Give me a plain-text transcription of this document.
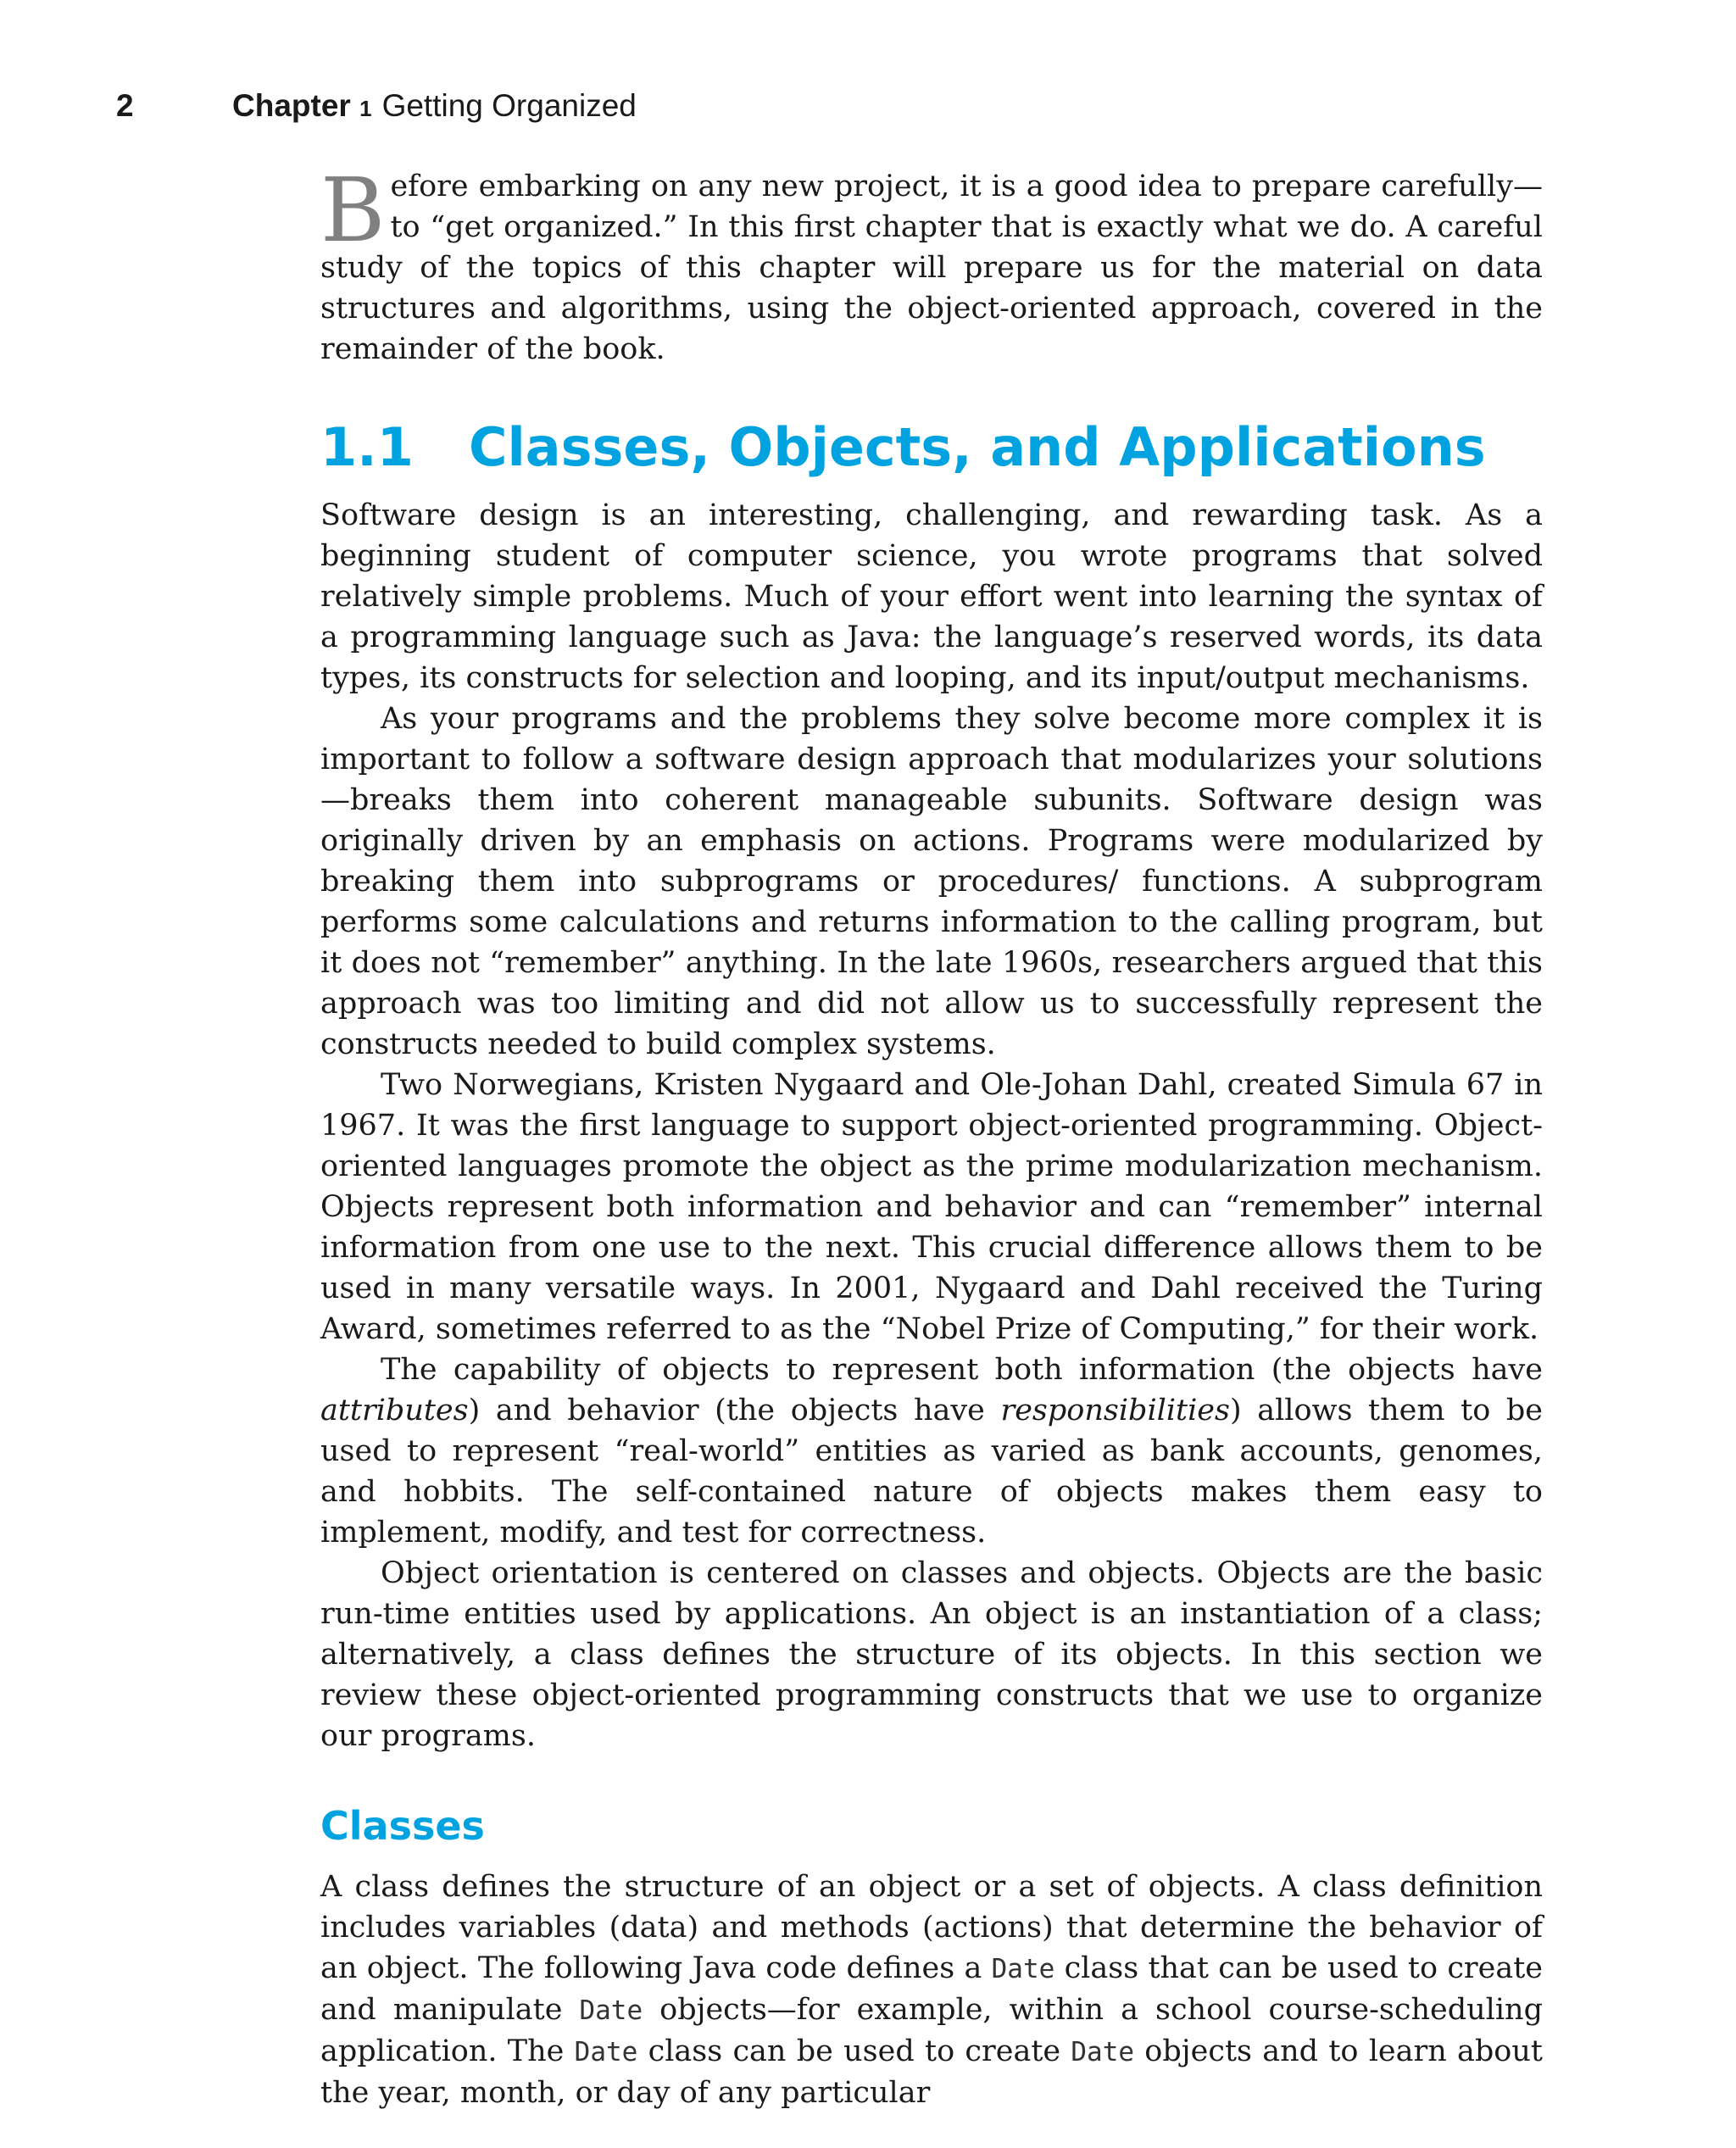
2	Chapter 1 Getting Organized

Before embarking on any new project, it is a good idea to prepare carefully—to “get organized.” In this first chapter that is exactly what we do. A careful study of the topics of this chapter will prepare us for the material on data structures and algorithms, using the object-oriented approach, covered in the remainder of the book.

1.1 Classes, Objects, and Applications

Software design is an interesting, challenging, and rewarding task. As a beginning student of computer science, you wrote programs that solved relatively simple problems. Much of your effort went into learning the syntax of a programming language such as Java: the language’s reserved words, its data types, its constructs for selection and looping, and its input/output mechanisms.

As your programs and the problems they solve become more complex it is important to follow a software design approach that modularizes your solutions—breaks them into coherent manageable subunits. Software design was originally driven by an emphasis on actions. Programs were modularized by breaking them into subprograms or procedures/ functions. A subprogram performs some calculations and returns information to the calling program, but it does not “remember” anything. In the late 1960s, researchers argued that this approach was too limiting and did not allow us to successfully represent the constructs needed to build complex systems.

Two Norwegians, Kristen Nygaard and Ole-Johan Dahl, created Simula 67 in 1967. It was the first language to support object-oriented programming. Object-oriented languages promote the object as the prime modularization mechanism. Objects represent both information and behavior and can “remember” internal information from one use to the next. This crucial difference allows them to be used in many versatile ways. In 2001, Nygaard and Dahl received the Turing Award, sometimes referred to as the “Nobel Prize of Computing,” for their work.

The capability of objects to represent both information (the objects have attributes) and behavior (the objects have responsibilities) allows them to be used to represent “real-world” entities as varied as bank accounts, genomes, and hobbits. The self-contained nature of objects makes them easy to implement, modify, and test for correctness.

Object orientation is centered on classes and objects. Objects are the basic run-time entities used by applications. An object is an instantiation of a class; alternatively, a class defines the structure of its objects. In this section we review these object-oriented programming constructs that we use to organize our programs.

Classes

A class defines the structure of an object or a set of objects. A class definition includes variables (data) and methods (actions) that determine the behavior of an object. The following Java code defines a Date class that can be used to create and manipulate Date objects—for example, within a school course-scheduling application. The Date class can be used to create Date objects and to learn about the year, month, or day of any particular
